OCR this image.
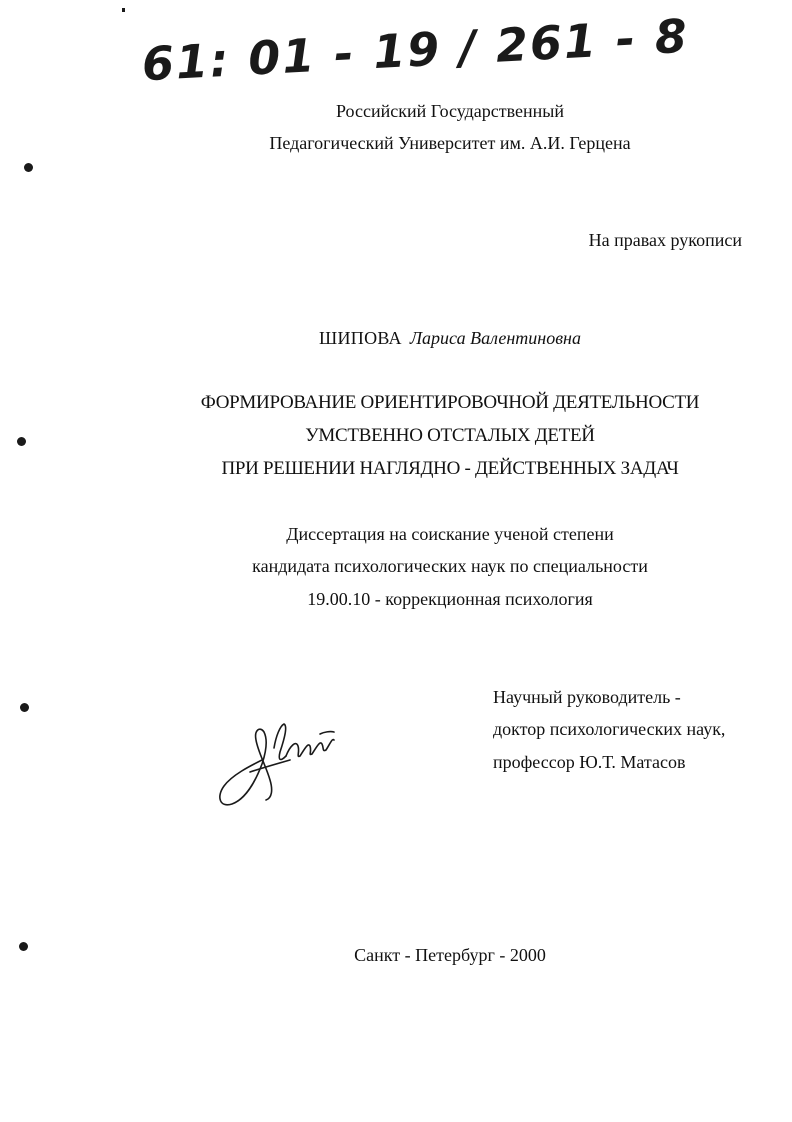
61: 01 - 19 / 261 - 8
Российский Государственный
Педагогический Университет им. А.И. Герцена
На правах рукописи
ШИПОВА Лариса Валентиновна
ФОРМИРОВАНИЕ ОРИЕНТИРОВОЧНОЙ ДЕЯТЕЛЬНОСТИ
УМСТВЕННО ОТСТАЛЫХ ДЕТЕЙ
ПРИ РЕШЕНИИ НАГЛЯДНО - ДЕЙСТВЕННЫХ ЗАДАЧ
Диссертация на соискание ученой степени
кандидата психологических наук по специальности
19.00.10 - коррекционная психология
Научный руководитель -
доктор психологических наук,
профессор Ю.Т. Матасов
Санкт - Петербург - 2000
